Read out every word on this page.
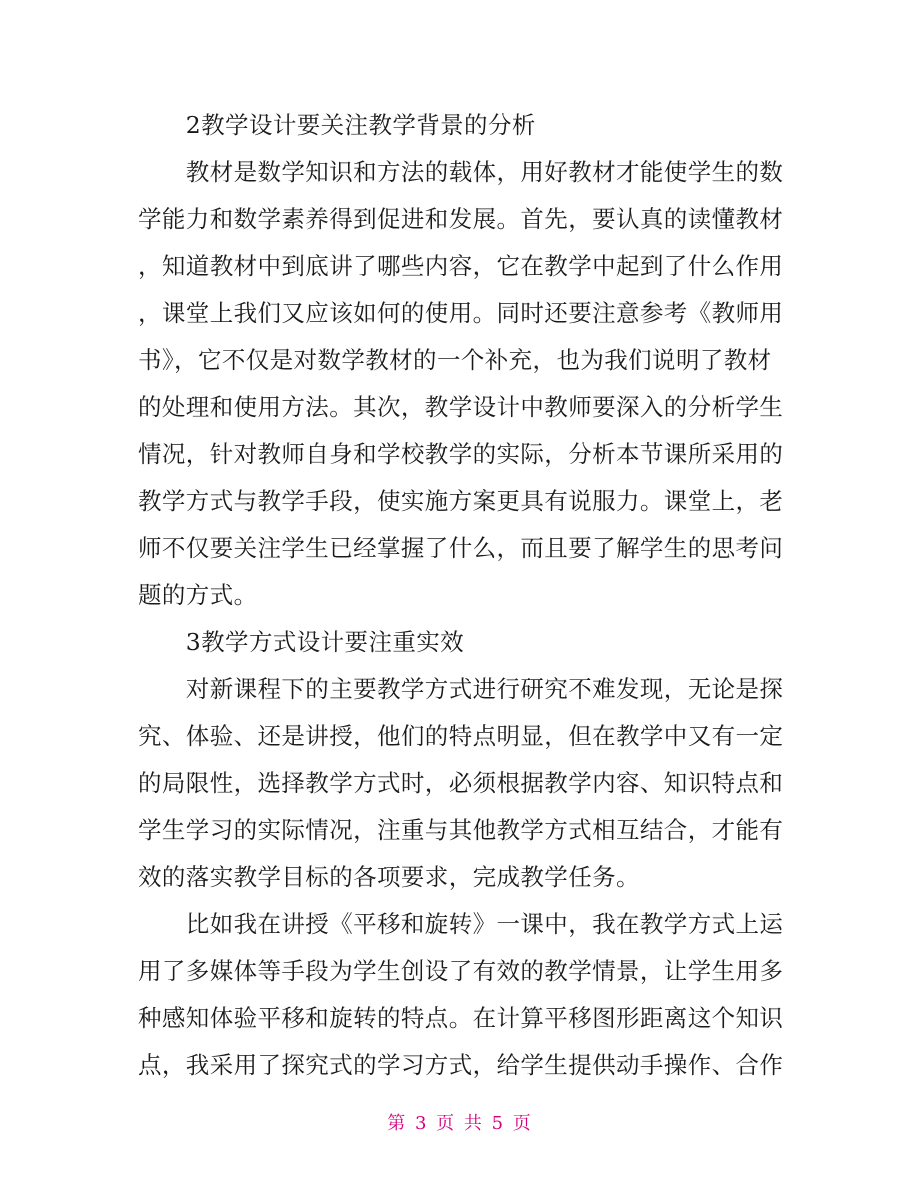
　　2教学设计要关注教学背景的分析
　　教材是数学知识和方法的载体，用好教材才能使学生的数
学能力和数学素养得到促进和发展。首先，要认真的读懂教材
，知道教材中到底讲了哪些内容，它在教学中起到了什么作用
，课堂上我们又应该如何的使用。同时还要注意参考《教师用
书》，它不仅是对数学教材的一个补充，也为我们说明了教材
的处理和使用方法。其次，教学设计中教师要深入的分析学生
情况，针对教师自身和学校教学的实际，分析本节课所采用的
教学方式与教学手段，使实施方案更具有说服力。课堂上，老
师不仅要关注学生已经掌握了什么，而且要了解学生的思考问
题的方式。
　　3教学方式设计要注重实效
　　对新课程下的主要教学方式进行研究不难发现，无论是探
究、体验、还是讲授，他们的特点明显，但在教学中又有一定
的局限性，选择教学方式时，必须根据教学内容、知识特点和
学生学习的实际情况，注重与其他教学方式相互结合，才能有
效的落实教学目标的各项要求，完成教学任务。
　　比如我在讲授《平移和旋转》一课中，我在教学方式上运
用了多媒体等手段为学生创设了有效的教学情景，让学生用多
种感知体验平移和旋转的特点。在计算平移图形距离这个知识
点，我采用了探究式的学习方式，给学生提供动手操作、合作
第 3 页 共 5 页
